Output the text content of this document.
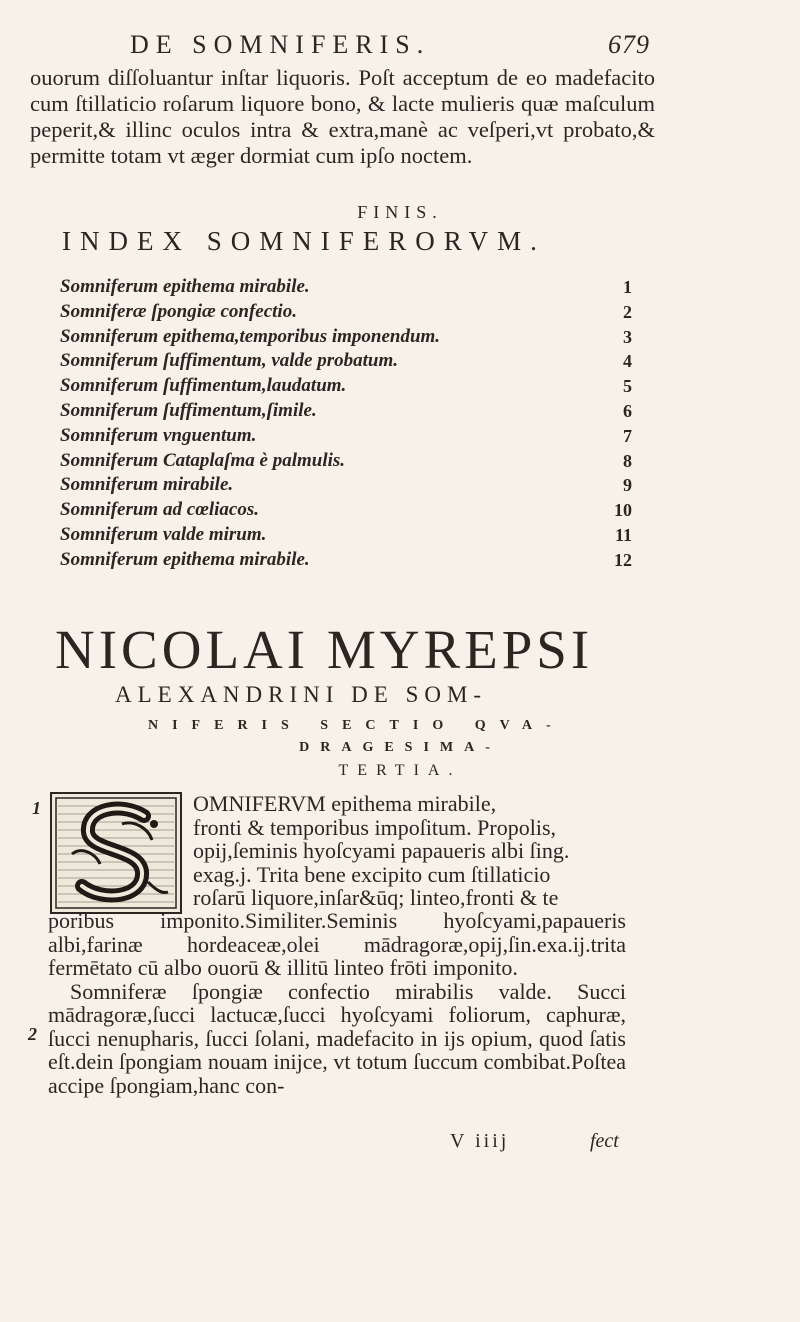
DE SOMNIFERIS.	679

ouorum diſſoluantur inſtar liquoris. Poſt acceptum de eo madefacito cum ſtillaticio roſarum liquore bono, & lacte mulieris quæ maſculum peperit,& illinc oculos intra & extra,manè ac veſperi,vt probato,& permitte totam vt æger dormiat cum ipſo noctem.

FINIS.
INDEX SOMNIFERORVM.
Somniferum epithema mirabile.	1
Somniferæ ſpongiæ confectio.	2
Somniferum epithema,temporibus imponendum.	3
Somniferum ſuffimentum, valde probatum.	4
Somniferum ſuffimentum,laudatum.	5
Somniferum ſuffimentum,ſimile.	6
Somniferum vnguentum.	7
Somniferum Cataplaſma è palmulis.	8
Somniferum mirabile.	9
Somniferum ad cœliacos.	10
Somniferum valde mirum.	11
Somniferum epithema mirabile.	12
NICOLAI MYREPSI
ALEXANDRINI DE SOM-
NIFERIS SECTIO QVA-
DRAGESIMA-
TERTIA.
1	OMNIFERVM epithema mirabile,

fronti & temporibus impoſitum. Propolis,

opij,ſeminis hyoſcyami papaueris albi ſing.

exag.j. Trita bene excipito cum ſtillaticio

roſarū liquore,inſar&ūq; linteo,fronti & te

poribus imponito.Similiter.Seminis hyoſcyami,papaueris albi,farinæ hordeaceæ,olei mādragoræ,opij,ſin.exa.ij.trita fermētato cū albo ouorū & illitū linteo frōti imponito.

Somniferæ ſpongiæ confectio mirabilis valde. Succi mādragoræ,ſucci lactucæ,ſucci hyoſcyami foliorum, caphuræ, ſucci nenupharis, ſucci ſolani, madefacito in ijs opium, quod ſatis eſt.dein ſpongiam nouam inijce, vt totum ſuccum combibat.Poſtea accipe ſpongiam,hanc con-

2
V iiij	fect
